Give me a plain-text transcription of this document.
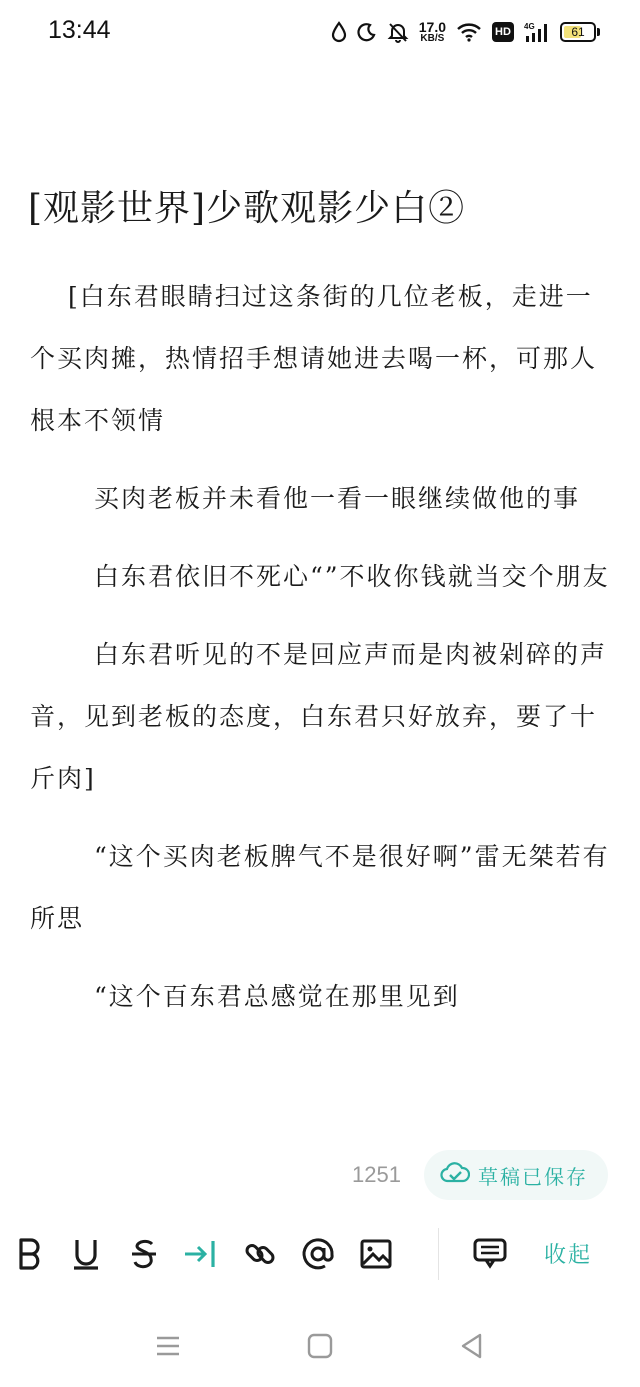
13:44	17.0
KB/S
HD	4G	61
[观影世界]少歌观影少白②

[白东君眼睛扫过这条街的几位老板，走进一个买肉摊，热情招手想请她进去喝一杯，可那人根本不领情

买肉老板并未看他一看一眼继续做他的事

白东君依旧不死心“”不收你钱就当交个朋友

白东君听见的不是回应声而是肉被剁碎的声音，见到老板的态度，白东君只好放弃，要了十斤肉]

“这个买肉老板脾气不是很好啊”雷无桀若有所思

“这个百东君总感觉在那里见到

1251	草稿已保存
收起
